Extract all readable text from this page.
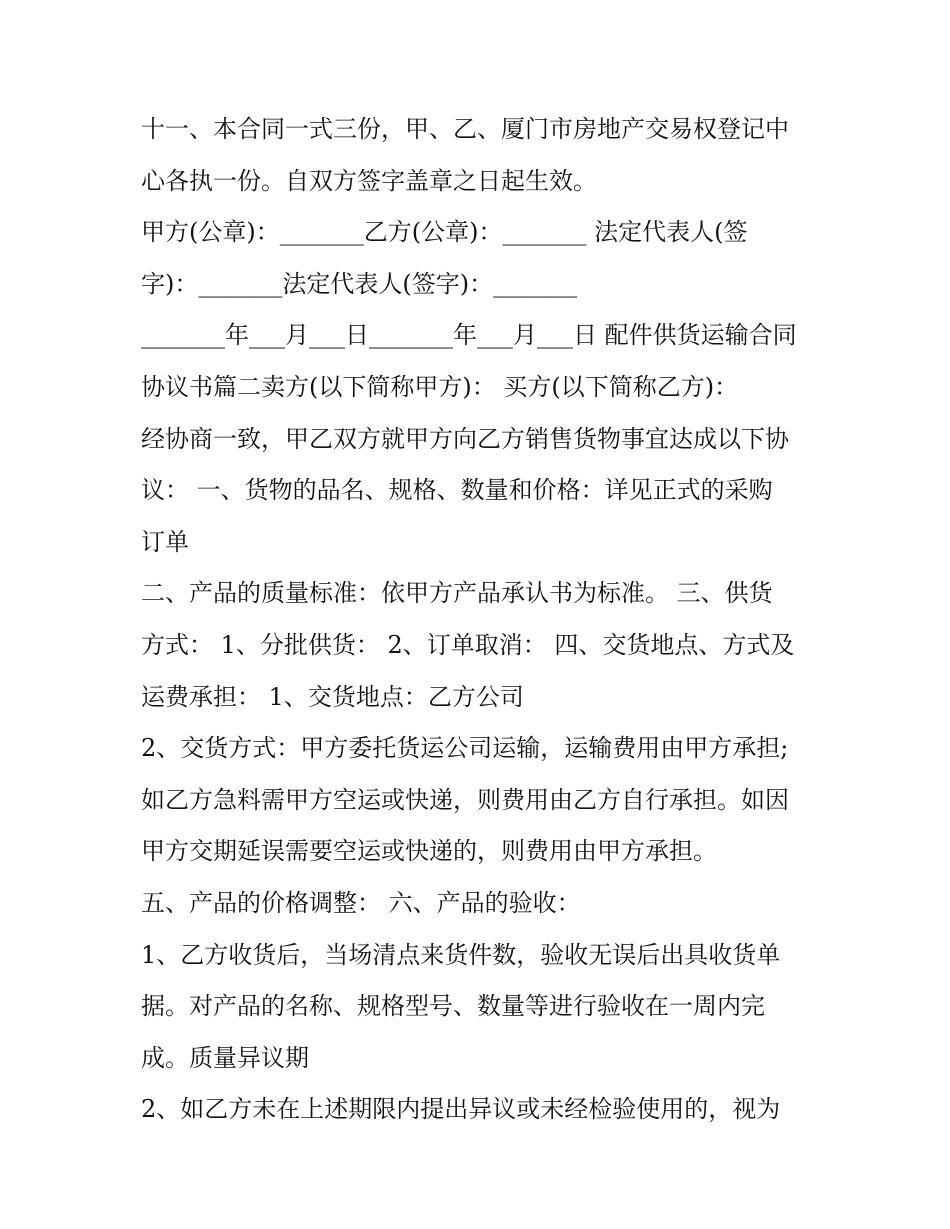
十一、本合同一式三份，甲、乙、厦门市房地产交易权登记中
心各执一份。自双方签字盖章之日起生效。
甲方(公章)：_______乙方(公章)：_______ 法定代表人(签
字)：_______法定代表人(签字)：_______
_______年___月___日_______年___月___日 配件供货运输合同
协议书篇二卖方(以下简称甲方)： 买方(以下简称乙方)：
经协商一致，甲乙双方就甲方向乙方销售货物事宜达成以下协
议： 一、货物的品名、规格、数量和价格：详见正式的采购
订单
二、产品的质量标准：依甲方产品承认书为标准。 三、供货
方式： 1、分批供货： 2、订单取消： 四、交货地点、方式及
运费承担： 1、交货地点：乙方公司
2、交货方式：甲方委托货运公司运输，运输费用由甲方承担;
如乙方急料需甲方空运或快递，则费用由乙方自行承担。如因
甲方交期延误需要空运或快递的，则费用由甲方承担。
五、产品的价格调整： 六、产品的验收：
1、乙方收货后，当场清点来货件数，验收无误后出具收货单
据。对产品的名称、规格型号、数量等进行验收在一周内完
成。质量异议期
2、如乙方未在上述期限内提出异议或未经检验使用的，视为
